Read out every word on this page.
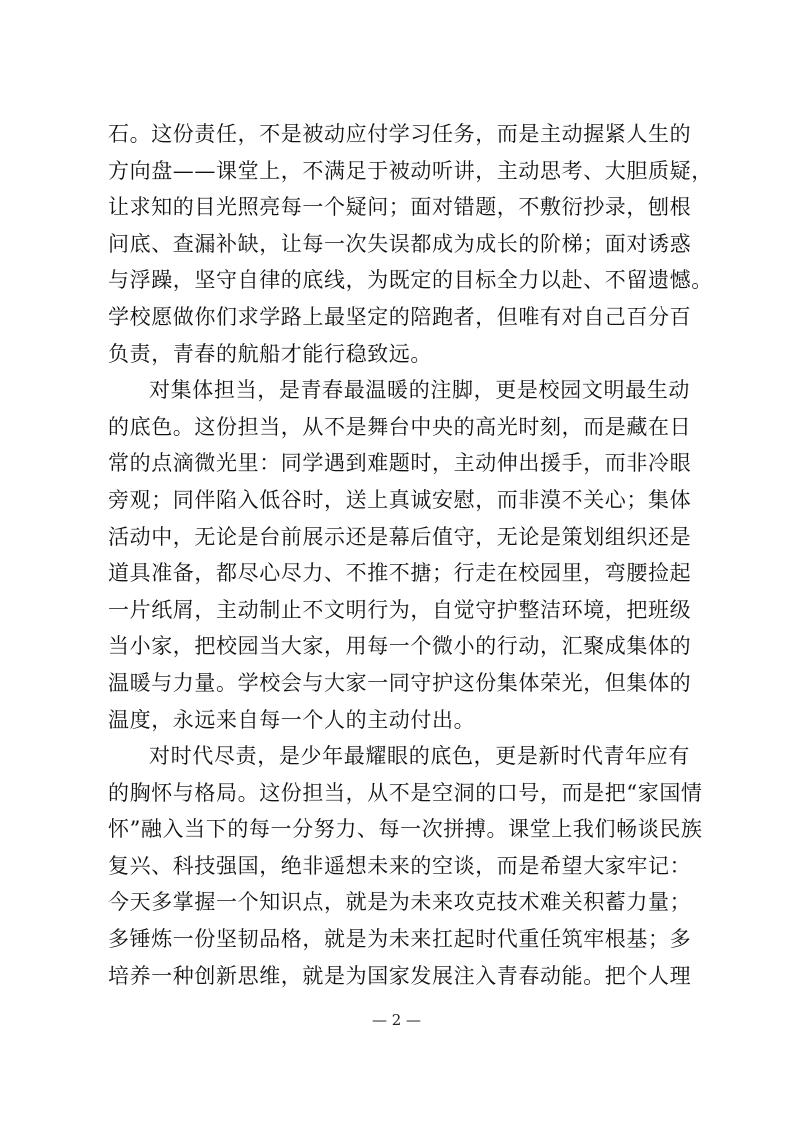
石。这份责任，不是被动应付学习任务，而是主动握紧人生的
方向盘——课堂上，不满足于被动听讲，主动思考、大胆质疑，
让求知的目光照亮每一个疑问；面对错题，不敷衍抄录，刨根
问底、查漏补缺，让每一次失误都成为成长的阶梯；面对诱惑
与浮躁，坚守自律的底线，为既定的目标全力以赴、不留遗憾。
学校愿做你们求学路上最坚定的陪跑者，但唯有对自己百分百
负责，青春的航船才能行稳致远。
对集体担当，是青春最温暖的注脚，更是校园文明最生动
的底色。这份担当，从不是舞台中央的高光时刻，而是藏在日
常的点滴微光里：同学遇到难题时，主动伸出援手，而非冷眼
旁观；同伴陷入低谷时，送上真诚安慰，而非漠不关心；集体
活动中，无论是台前展示还是幕后值守，无论是策划组织还是
道具准备，都尽心尽力、不推不搪；行走在校园里，弯腰捡起
一片纸屑，主动制止不文明行为，自觉守护整洁环境，把班级
当小家，把校园当大家，用每一个微小的行动，汇聚成集体的
温暖与力量。学校会与大家一同守护这份集体荣光，但集体的
温度，永远来自每一个人的主动付出。
对时代尽责，是少年最耀眼的底色，更是新时代青年应有
的胸怀与格局。这份担当，从不是空洞的口号，而是把“家国情
怀”融入当下的每一分努力、每一次拼搏。课堂上我们畅谈民族
复兴、科技强国，绝非遥想未来的空谈，而是希望大家牢记：
今天多掌握一个知识点，就是为未来攻克技术难关积蓄力量；
多锤炼一份坚韧品格，就是为未来扛起时代重任筑牢根基；多
培养一种创新思维，就是为国家发展注入青春动能。把个人理
— 2 —
